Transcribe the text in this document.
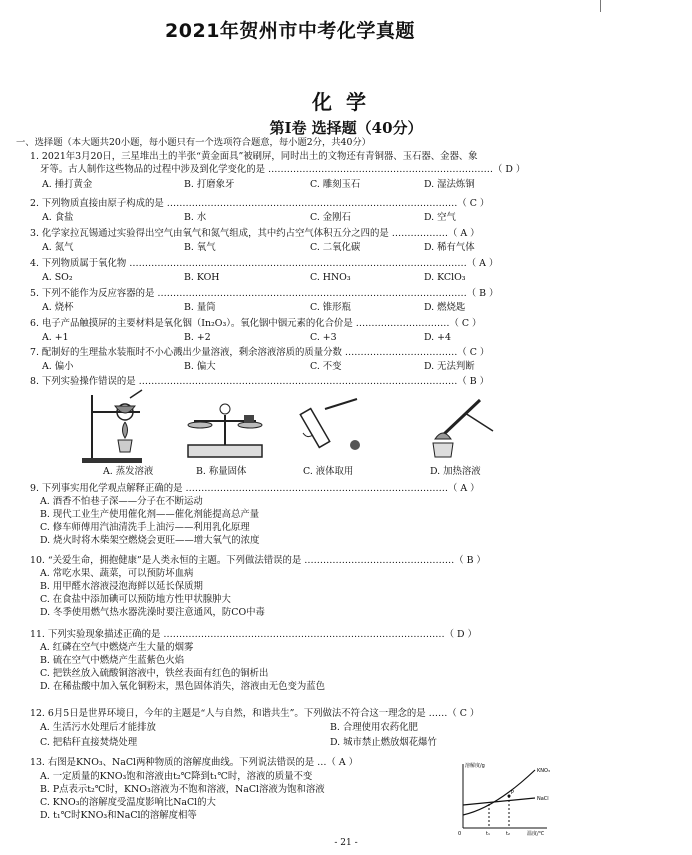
2021年贺州市中考化学真题
化学
第Ⅰ卷 选择题（40分）
一、选择题（本大题共20小题，每小题只有一个选项符合题意，每小题2分，共40分）
1. 2021年3月20日，三星堆出土的半张“黄金面具”被刷屏，同时出土的文物还有青铜器、玉石器、金器、象
牙等。古人制作这些物品的过程中涉及到化学变化的是 ………………………………………………………………（ D ）
A. 捶打黄金	B. 打磨象牙	C. 雕刻玉石	D. 湿法炼铜
2. 下列物质直接由原子构成的是 …………………………………………………………………………………（ C ）
A. 食盐	B. 水	C. 金刚石	D. 空气
3. 化学家拉瓦锡通过实验得出空气由氧气和氮气组成，其中约占空气体积五分之四的是 ………………（ A ）
A. 氮气	B. 氧气	C. 二氧化碳	D. 稀有气体
4. 下列物质属于氧化物 ………………………………………………………………………………………………（ A ）
A. SO₂	B. KOH	C. HNO₃	D. KClO₃
5. 下列不能作为反应容器的是 ………………………………………………………………………………………（ B ）
A. 烧杯	B. 量筒	C. 锥形瓶	D. 燃烧匙
6. 电子产品触摸屏的主要材料是氧化铟（In₂O₃）。氧化铟中铟元素的化合价是 …………………………（ C ）
A. +1	B. +2	C. +3	D. +4
7. 配制好的生理盐水装瓶时不小心溅出少量溶液，剩余溶液溶质的质量分数 ………………………………（ C ）
A. 偏小	B. 偏大	C. 不变	D. 无法判断
8. 下列实验操作错误的是 …………………………………………………………………………………………（ B ）
A. 蒸发溶液	B. 称量固体	C. 液体取用	D. 加热溶液
9. 下列事实用化学观点解释正确的是 …………………………………………………………………………（ A ）
A. 酒香不怕巷子深——分子在不断运动
B. 现代工业生产使用催化剂——催化剂能提高总产量
C. 修车师傅用汽油清洗手上油污——利用乳化原理
D. 烧火时将木柴架空燃烧会更旺——增大氧气的浓度
10. “关爱生命，拥抱健康”是人类永恒的主题。下列做法错误的是 …………………………………………（ B ）
A. 常吃水果、蔬菜，可以预防坏血病
B. 用甲醛水溶液浸泡海鲜以延长保质期
C. 在食盐中添加碘可以预防地方性甲状腺肿大
D. 冬季使用燃气热水器洗澡时要注意通风，防CO中毒
11. 下列实验现象描述正确的是 ………………………………………………………………………………（ D ）
A. 红磷在空气中燃烧产生大量的烟雾
B. 硫在空气中燃烧产生蓝紫色火焰
C. 把铁丝放入硫酸铜溶液中，铁丝表面有红色的铜析出
D. 在稀盐酸中加入氧化铜粉末，黑色固体消失，溶液由无色变为蓝色
12. 6月5日是世界环境日，今年的主题是“人与自然，和谐共生”。下列做法不符合这一理念的是 ……（ C ）
A. 生活污水处理后才能排放	B. 合理使用农药化肥
C. 把秸秆直接焚烧处理	D. 城市禁止燃放烟花爆竹
13. 右图是KNO₃、NaCl两种物质的溶解度曲线。下列说法错误的是 …（ A ）
A. 一定质量的KNO₃饱和溶液由t₂℃降到t₁℃时，溶液的质量不变
B. P点表示t₂℃时，KNO₃溶液为不饱和溶液，NaCl溶液为饱和溶液
C. KNO₃的溶解度受温度影响比NaCl的大
D. t₁℃时KNO₃和NaCl的溶解度相等
溶解度/g
KNO₃
NaCl
P
t₁	t₂
0	温度/℃
- 21 -
